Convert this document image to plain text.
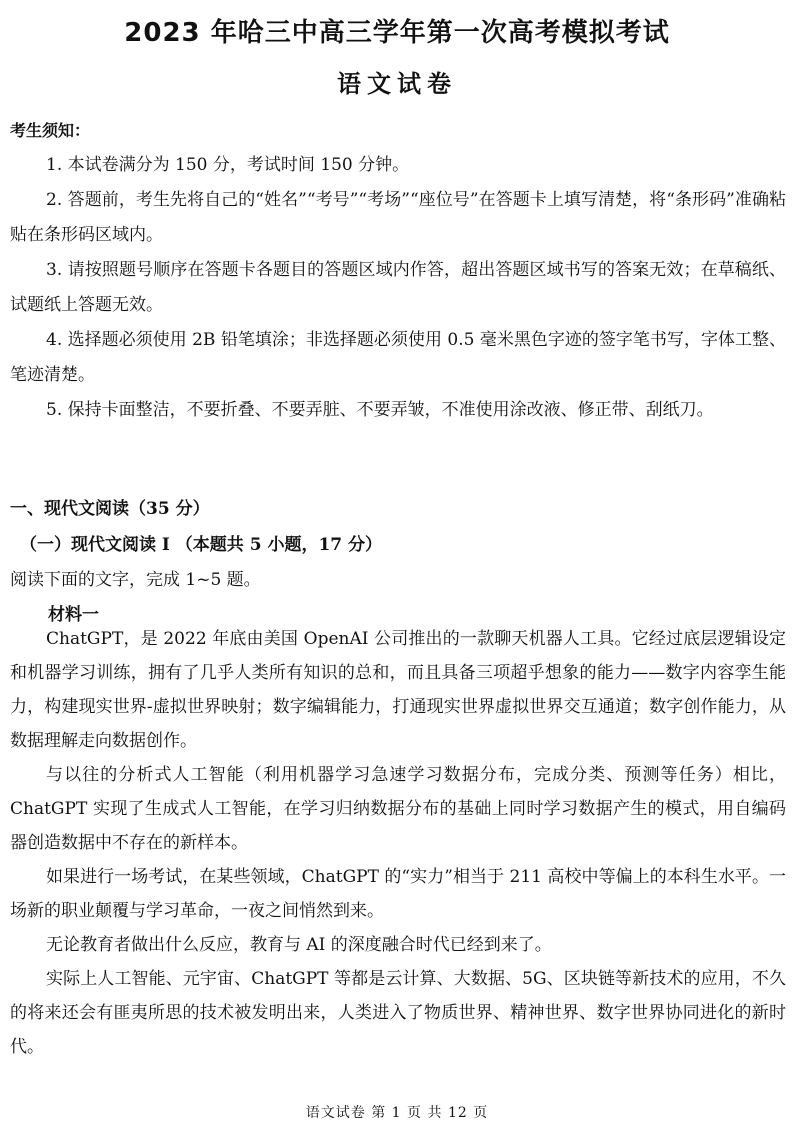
2023 年哈三中高三学年第一次高考模拟考试
语文试卷
考生须知：

1. 本试卷满分为 150 分，考试时间 150 分钟。

2. 答题前，考生先将自己的“姓名”“考号”“考场”“座位号”在答题卡上填写清楚，将“条形码”准确粘贴在条形码区域内。

3. 请按照题号顺序在答题卡各题目的答题区域内作答，超出答题区域书写的答案无效；在草稿纸、试题纸上答题无效。

4. 选择题必须使用 2B 铅笔填涂；非选择题必须使用 0.5 毫米黑色字迹的签字笔书写，字体工整、笔迹清楚。

5. 保持卡面整洁，不要折叠、不要弄脏、不要弄皱，不准使用涂改液、修正带、刮纸刀。

一、现代文阅读（35 分）
（一）现代文阅读 I （本题共 5 小题，17 分）
阅读下面的文字，完成 1~5 题。
材料一

ChatGPT，是 2022 年底由美国 OpenAI 公司推出的一款聊天机器人工具。它经过底层逻辑设定和机器学习训练，拥有了几乎人类所有知识的总和，而且具备三项超乎想象的能力——数字内容孪生能力，构建现实世界-虚拟世界映射；数字编辑能力，打通现实世界虚拟世界交互通道；数字创作能力，从数据理解走向数据创作。

与以往的分析式人工智能（利用机器学习急速学习数据分布，完成分类、预测等任务）相比，ChatGPT 实现了生成式人工智能，在学习归纳数据分布的基础上同时学习数据产生的模式，用自编码器创造数据中不存在的新样本。

如果进行一场考试，在某些领域，ChatGPT 的“实力”相当于 211 高校中等偏上的本科生水平。一场新的职业颠覆与学习革命，一夜之间悄然到来。

无论教育者做出什么反应，教育与 AI 的深度融合时代已经到来了。

实际上人工智能、元宇宙、ChatGPT 等都是云计算、大数据、5G、区块链等新技术的应用，不久的将来还会有匪夷所思的技术被发明出来，人类进入了物质世界、精神世界、数字世界协同进化的新时代。

语文试卷 第 1 页 共 12 页
